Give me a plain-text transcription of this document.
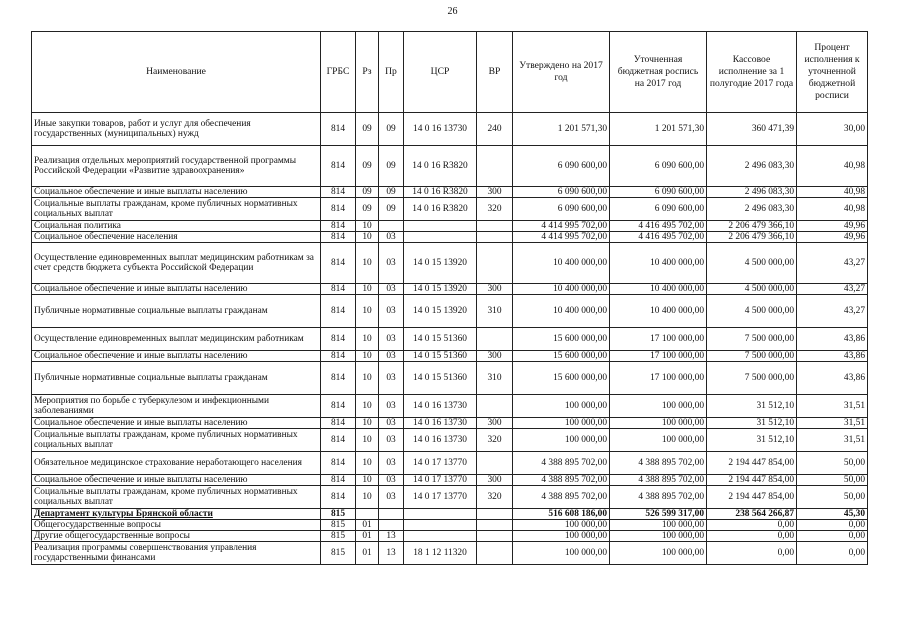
26
Наименование	ГРБС	Рз	Пр	ЦСР	ВР	Утверждено на 2017 год	Уточненная бюджетная роспись на 2017 год	Кассовое исполнение за 1 полугодие 2017 года	Процент исполнения к уточненной бюджетной росписи
Иные закупки товаров, работ и услуг для обеспечения государственных (муниципальных) нужд	814	09	09	14 0 16 13730	240	1 201 571,30	1 201 571,30	360 471,39	30,00
Реализация отдельных мероприятий государственной программы Российской Федерации «Развитие здравоохранения»	814	09	09	14 0 16 R3820		6 090 600,00	6 090 600,00	2 496 083,30	40,98
Социальное обеспечение и иные выплаты населению	814	09	09	14 0 16 R3820	300	6 090 600,00	6 090 600,00	2 496 083,30	40,98
Социальные выплаты гражданам, кроме публичных нормативных социальных выплат	814	09	09	14 0 16 R3820	320	6 090 600,00	6 090 600,00	2 496 083,30	40,98
Социальная политика	814	10				4 414 995 702,00	4 416 495 702,00	2 206 479 366,10	49,96
Социальное обеспечение населения	814	10	03			4 414 995 702,00	4 416 495 702,00	2 206 479 366,10	49,96
Осуществление единовременных выплат медицинским работникам за счет средств бюджета субъекта Российской Федерации	814	10	03	14 0 15 13920		10 400 000,00	10 400 000,00	4 500 000,00	43,27
Социальное обеспечение и иные выплаты населению	814	10	03	14 0 15 13920	300	10 400 000,00	10 400 000,00	4 500 000,00	43,27
Публичные нормативные социальные выплаты гражданам	814	10	03	14 0 15 13920	310	10 400 000,00	10 400 000,00	4 500 000,00	43,27
Осуществление единовременных выплат медицинским работникам	814	10	03	14 0 15 51360		15 600 000,00	17 100 000,00	7 500 000,00	43,86
Социальное обеспечение и иные выплаты населению	814	10	03	14 0 15 51360	300	15 600 000,00	17 100 000,00	7 500 000,00	43,86
Публичные нормативные социальные выплаты гражданам	814	10	03	14 0 15 51360	310	15 600 000,00	17 100 000,00	7 500 000,00	43,86
Мероприятия по борьбе с туберкулезом и инфекционными заболеваниями	814	10	03	14 0 16 13730		100 000,00	100 000,00	31 512,10	31,51
Социальное обеспечение и иные выплаты населению	814	10	03	14 0 16 13730	300	100 000,00	100 000,00	31 512,10	31,51
Социальные выплаты гражданам, кроме публичных нормативных социальных выплат	814	10	03	14 0 16 13730	320	100 000,00	100 000,00	31 512,10	31,51
Обязательное медицинское страхование неработающего населения	814	10	03	14 0 17 13770		4 388 895 702,00	4 388 895 702,00	2 194 447 854,00	50,00
Социальное обеспечение и иные выплаты населению	814	10	03	14 0 17 13770	300	4 388 895 702,00	4 388 895 702,00	2 194 447 854,00	50,00
Социальные выплаты гражданам, кроме публичных нормативных социальных выплат	814	10	03	14 0 17 13770	320	4 388 895 702,00	4 388 895 702,00	2 194 447 854,00	50,00
Департамент культуры Брянской области	815					516 608 186,00	526 599 317,00	238 564 266,87	45,30
Общегосударственные вопросы	815	01				100 000,00	100 000,00	0,00	0,00
Другие общегосударственные вопросы	815	01	13			100 000,00	100 000,00	0,00	0,00
Реализация программы совершенствования управления государственными финансами	815	01	13	18 1 12 11320		100 000,00	100 000,00	0,00	0,00
